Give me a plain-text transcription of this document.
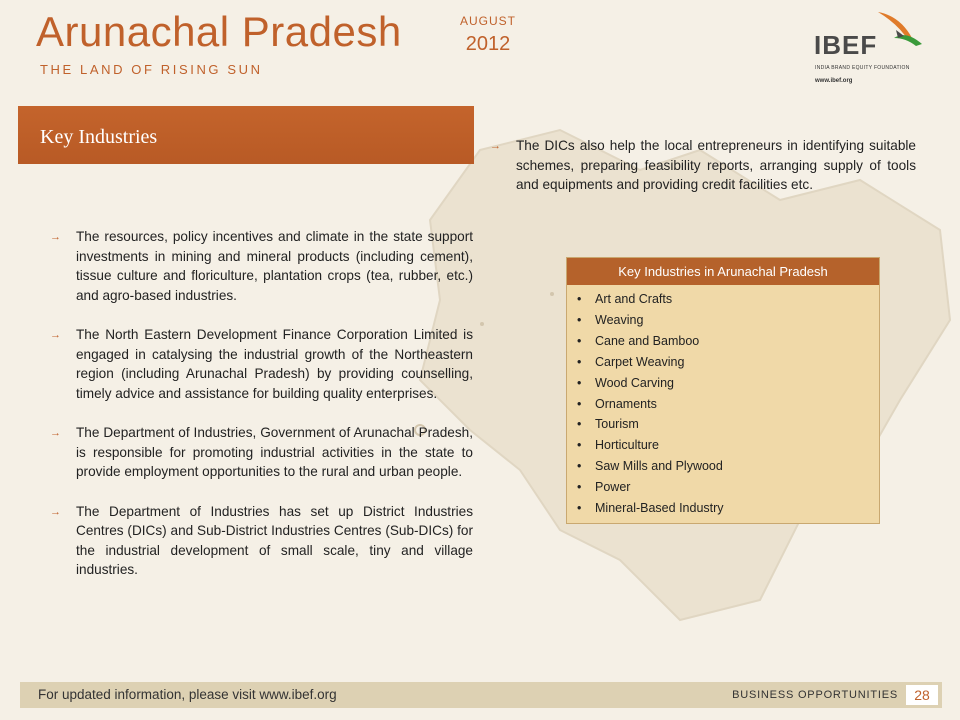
Arunachal Pradesh
THE LAND OF RISING SUN
AUGUST
2012	IBEF
INDIA BRAND EQUITY FOUNDATION
www.ibef.org
Key Industries
→ The resources, policy incentives and climate in the state support investments in mining and mineral products (including cement), tissue culture and floriculture, plantation crops (tea, rubber, etc.) and agro-based industries.
→ The North Eastern Development Finance Corporation Limited is engaged in catalysing the industrial growth of the Northeastern region (including Arunachal Pradesh) by providing counselling, timely advice and assistance for building quality enterprises.
→ The Department of Industries, Government of Arunachal Pradesh, is responsible for promoting industrial activities in the state to provide employment opportunities to the rural and urban people.
→ The Department of Industries has set up District Industries Centres (DICs) and Sub-District Industries Centres (Sub-DICs) for the industrial development of small scale, tiny and village industries.
→ The DICs also help the local entrepreneurs in identifying suitable schemes, preparing feasibility reports, arranging supply of tools and equipments and providing credit facilities etc.
Key Industries in Arunachal Pradesh
• Art and Crafts
• Weaving
• Cane and Bamboo
• Carpet Weaving
• Wood Carving
• Ornaments
• Tourism
• Horticulture
• Saw Mills and Plywood
• Power
• Mineral-Based Industry
For updated information, please visit www.ibef.org	BUSINESS OPPORTUNITIES	28
